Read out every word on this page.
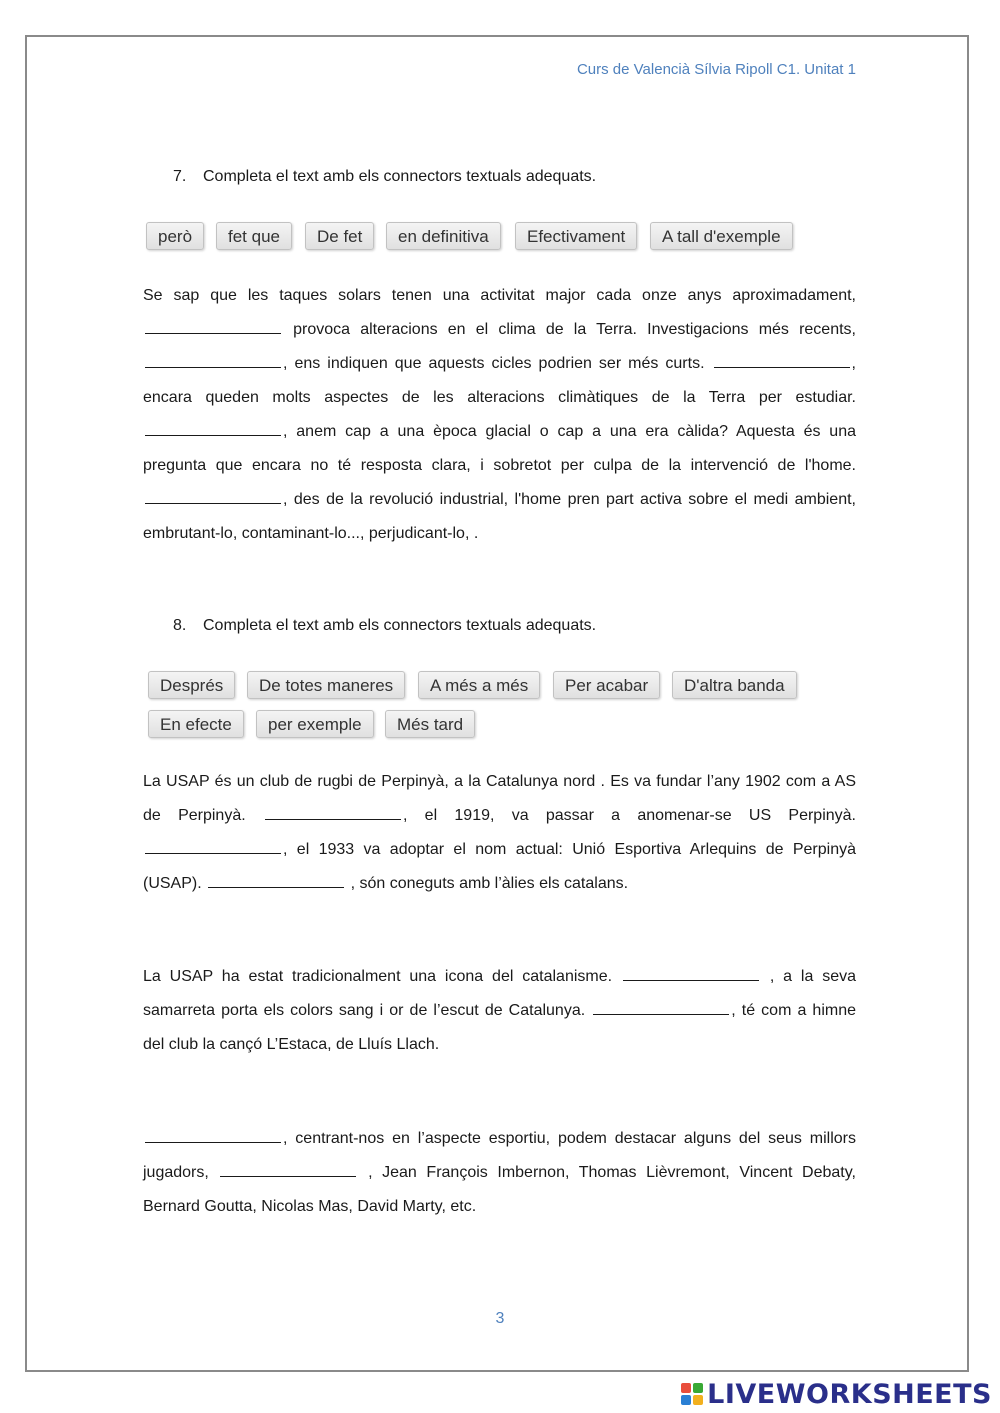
Curs de Valencià Sílvia Ripoll C1. Unitat 1
7. Completa el text amb els connectors textuals adequats.
però	fet que	De fet	en definitiva	Efectivament	A tall d'exemple

Se sap que les taques solars tenen una activitat major cada onze anys aproximadament,  provoca alteracions en el clima de la Terra. Investigacions més recents, , ens indiquen que aquests cicles podrien ser més curts.	, encara queden molts aspectes de les alteracions climàtiques de la Terra per estudiar. , anem cap a una època glacial o cap a una era càlida? Aquesta és una pregunta que encara no té resposta clara, i sobretot per culpa de la intervenció de l'home. , des de la revolució industrial, l'home pren part activa sobre el medi ambient, embrutant-lo, contaminant-lo..., perjudicant-lo, .

8. Completa el text amb els connectors textuals adequats.
Després	De totes maneres	A més a més	Per acabar	D'altra banda
En efecte	per exemple	Més tard

La USAP és un club de rugbi de Perpinyà, a la Catalunya nord . Es va fundar l’any 1902 com a AS de Perpinyà.	, el 1919, va passar a anomenar-se US Perpinyà. , el 1933 va adoptar el nom actual: Unió Esportiva Arlequins de Perpinyà (USAP).	, són coneguts amb l’àlies els catalans.

La USAP ha estat tradicionalment una icona del catalanisme.	, a la seva samarreta porta els colors sang i or de l’escut de Catalunya.	, té com a himne del club la cançó L’Estaca, de Lluís Llach.

, centrant-nos en l’aspecte esportiu, podem destacar alguns del seus millors jugadors,	, Jean François Imbernon, Thomas Lièvremont, Vincent Debaty, Bernard Goutta, Nicolas Mas, David Marty, etc.

3
LIVEWORKSHEETS
